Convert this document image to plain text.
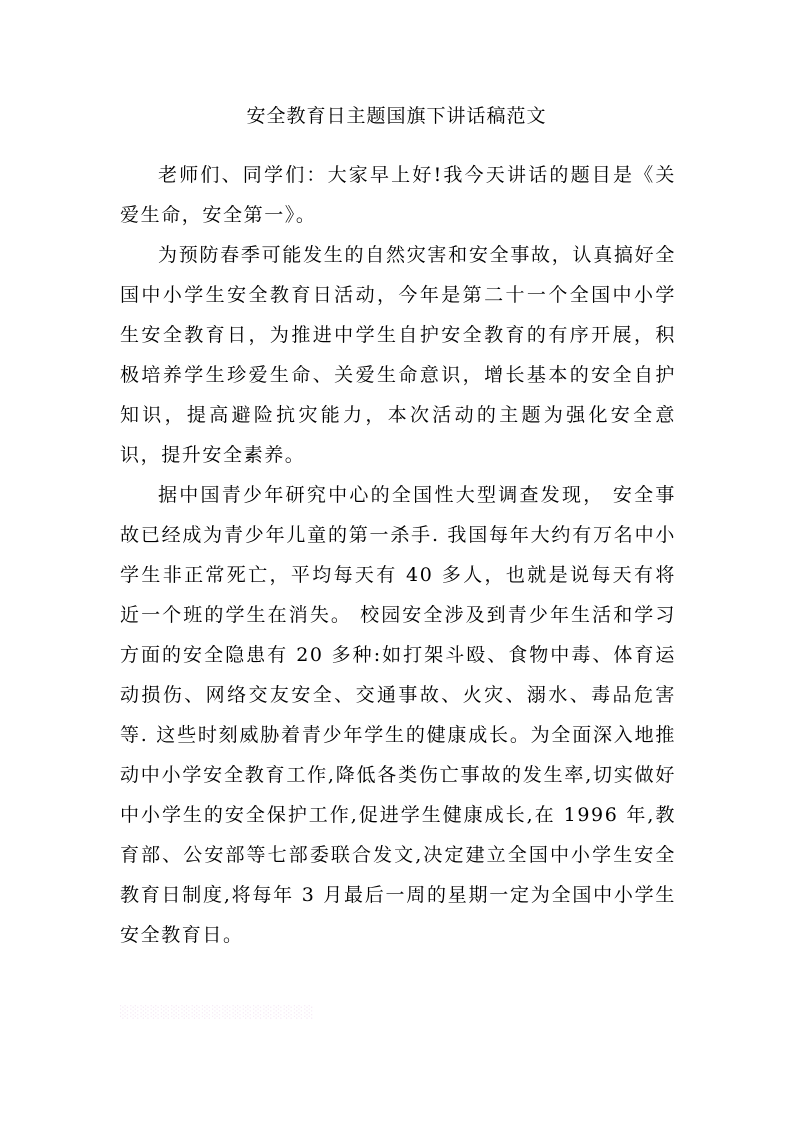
安全教育日主题国旗下讲话稿范文

老师们、同学们：大家早上好!我今天讲话的题目是《关爱生命，安全第一》。

为预防春季可能发生的自然灾害和安全事故，认真搞好全国中小学生安全教育日活动，今年是第二十一个全国中小学生安全教育日，为推进中学生自护安全教育的有序开展，积极培养学生珍爱生命、关爱生命意识，增长基本的安全自护知识，提高避险抗灾能力，本次活动的主题为强化安全意识，提升安全素养。

据中国青少年研究中心的全国性大型调查发现， 安全事故已经成为青少年儿童的第一杀手. 我国每年大约有万名中小学生非正常死亡，平均每天有 40 多人，也就是说每天有将近一个班的学生在消失。 校园安全涉及到青少年生活和学习方面的安全隐患有 20 多种:如打架斗殴、食物中毒、体育运动损伤、网络交友安全、交通事故、火灾、溺水、毒品危害等. 这些时刻威胁着青少年学生的健康成长。为全面深入地推动中小学安全教育工作,降低各类伤亡事故的发生率,切实做好中小学生的安全保护工作,促进学生健康成长,在 1996 年,教育部、公安部等七部委联合发文,决定建立全国中小学生安全教育日制度,将每年 3 月最后一周的星期一定为全国中小学生安全教育日。

░░░░░░░░░░░░░░░░░░░
